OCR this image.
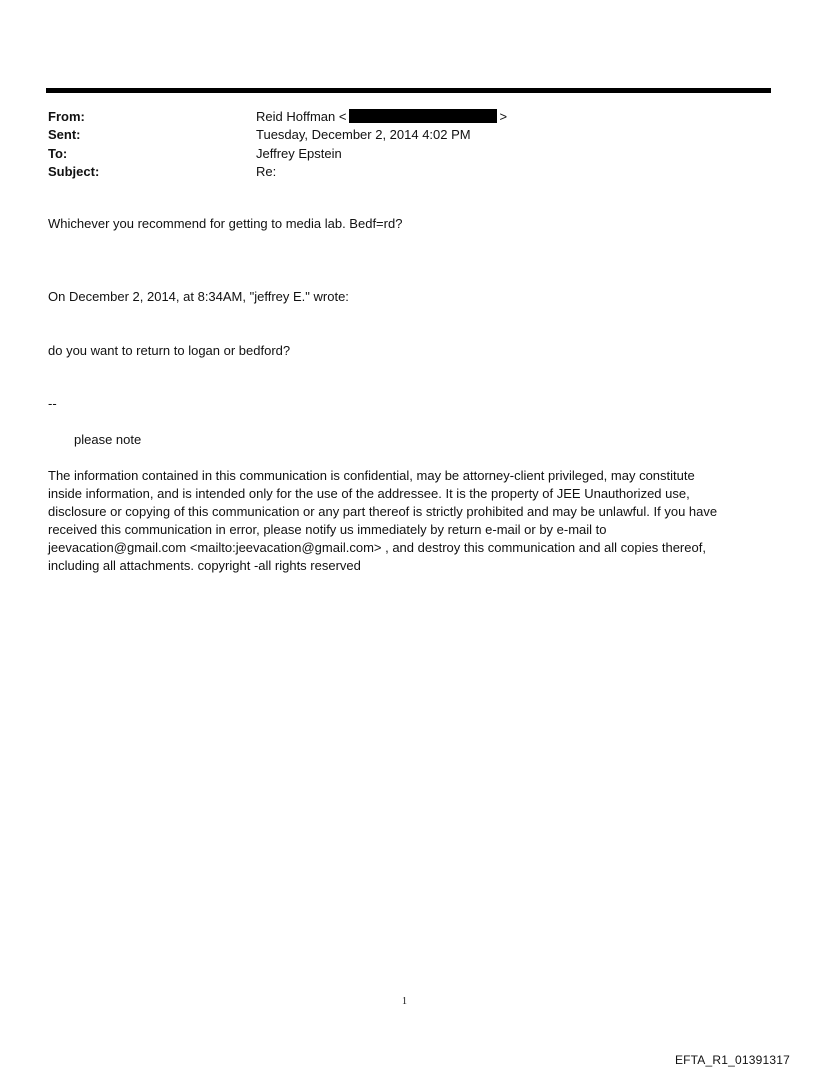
From:	Reid Hoffman <	>
Sent:	Tuesday, December 2, 2014 4:02 PM
To:	Jeffrey Epstein
Subject:	Re:

Whichever you recommend for getting to media lab. Bedf=rd?

On December 2, 2014, at 8:34AM, "jeffrey E." wrote:

do you want to return to logan or bedford?

--

please note

The information contained in this communication is confidential, may be attorney-client privileged, may constitute
inside information, and is intended only for the use of the addressee. It is the property of JEE Unauthorized use,
disclosure or copying of this communication or any part thereof is strictly prohibited and may be unlawful. If you have
received this communication in error, please notify us immediately by return e-mail or by e-mail to
jeevacation@gmail.com <mailto:jeevacation@gmail.com> , and destroy this communication and all copies thereof,
including all attachments. copyright -all rights reserved
1
EFTA_R1_01391317
